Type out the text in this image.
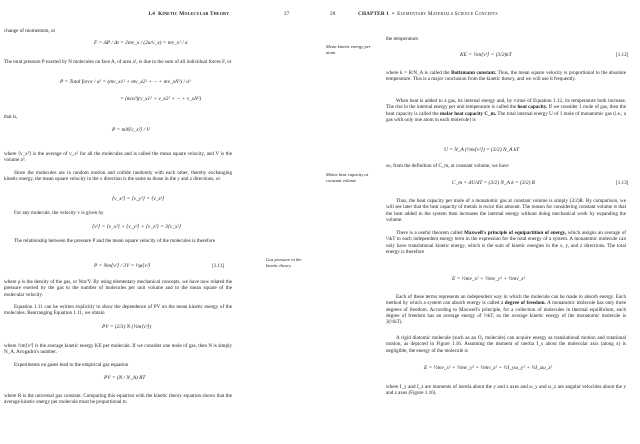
1.4 Kinetic Molecular Theory	27
change of momentum, or
F = ΔP / Δt = 2mv_x / (2a/v_x) = mv_x² / a
The total pressure P exerted by N molecules on face A, of area a², is due to the sum of all individual forces F, or
P = Total force / a² = (mv_x1² + mv_x2² + ··· + mv_xN²) / a³
= (m/a³)(v_x1² + v_x2² + ··· + v_xN²)
that is,
P = mN⟨v_x²⟩ / V
where ⟨v_x²⟩ is the average of v_x² for all the molecules and is called the mean square velocity, and V is the volume a³.
Since the molecules are in random motion and collide randomly with each other, thereby exchanging kinetic energy, the mean square velocity in the x direction is the same as those in the y and z directions, or
⟨v_x²⟩ = ⟨v_y²⟩ = ⟨v_z²⟩
For any molecule, the velocity v is given by
⟨v²⟩ = ⟨v_x²⟩ + ⟨v_y²⟩ + ⟨v_z²⟩ = 3⟨v_x²⟩
The relationship between the pressure P and the mean square velocity of the molecules is therefore
P = Nm⟨v²⟩ / 3V = ⅓ρ⟨v²⟩	[1.11]
Gas pressure in the kinetic theory
where ρ is the density of the gas, or Nm/V. By using elementary mechanical concepts, we have now related the pressure exerted by the gas to the number of molecules per unit volume and to the mean square of the molecular velocity.
Equation 1.11 can be written explicitly to show the dependence of PV on the mean kinetic energy of the molecules. Rearranging Equation 1.11, we obtain
PV = (2/3) N (½m⟨v²⟩)
where ½m⟨v²⟩ is the average kinetic energy KE per molecule. If we consider one mole of gas, then N is simply N_A, Avogadro's number.
Experiments on gases lead to the empirical gas equation
PV = (N / N_A) RT
where R is the universal gas constant. Comparing this equation with the kinetic theory equation shows that the average kinetic energy per molecule must be proportional to
28	CHAPTER 1 • Elementary Materials Science Concepts
Mean kinetic energy per atom
the temperature.
KE = ½m⟨v²⟩ = (3/2)kT	[1.12]
where k = R/N_A is called the Boltzmann constant. Thus, the mean square velocity is proportional to the absolute temperature. This is a major conclusion from the kinetic theory, and we will use it frequently.
When heat is added to a gas, its internal energy and, by virtue of Equation 1.12, its temperature both increase. The rise in the internal energy per unit temperature is called the heat capacity. If we consider 1 mole of gas, then the heat capacity is called the molar heat capacity C_m. The total internal energy U of 1 mole of monatomic gas (i.e., a gas with only one atom in each molecule) is
U = N_A (½m⟨v²⟩) = (3/2) N_A kT
so, from the definition of C_m, at constant volume, we have
Molar heat capacity at constant volume	C_m = dU/dT = (3/2) N_A k = (3/2) R	[1.13]
Thus, the heat capacity per mole of a monatomic gas at constant volume is simply (3/2)R. By comparison, we will see later that the heat capacity of metals is twice this amount. The reason for considering constant volume is that the heat added to the system then increases the internal energy without doing mechanical work by expanding the volume.
There is a useful theorem called Maxwell's principle of equipartition of energy, which assigns an average of ½kT to each independent energy term in the expression for the total energy of a system. A monatomic molecule can only have translational kinetic energy, which is the sum of kinetic energies in the x, y, and z directions. The total energy is therefore
E = ½mv_x² + ½mv_y² + ½mv_z²
Each of these terms represents an independent way in which the molecule can be made to absorb energy. Each method by which a system can absorb energy is called a degree of freedom. A monatomic molecule has only three degrees of freedom. According to Maxwell's principle, for a collection of molecules in thermal equilibrium, each degree of freedom has an average energy of ½kT, so the average kinetic energy of the monatomic molecule is 3(½kT).
A rigid diatomic molecule (such as an O₂ molecule) can acquire energy as translational motion and rotational motion, as depicted in Figure 1.16. Assuming the moment of inertia I_x about the molecular axis (along x) is negligible, the energy of the molecule is
E = ½mv_x² + ½mv_y² + ½mv_z² + ½I_yω_y² + ½I_zω_z²
where I_y and I_z are moments of inertia about the y and z axes and ω_y and ω_z are angular velocities about the y and z axes (Figure 1.16).
